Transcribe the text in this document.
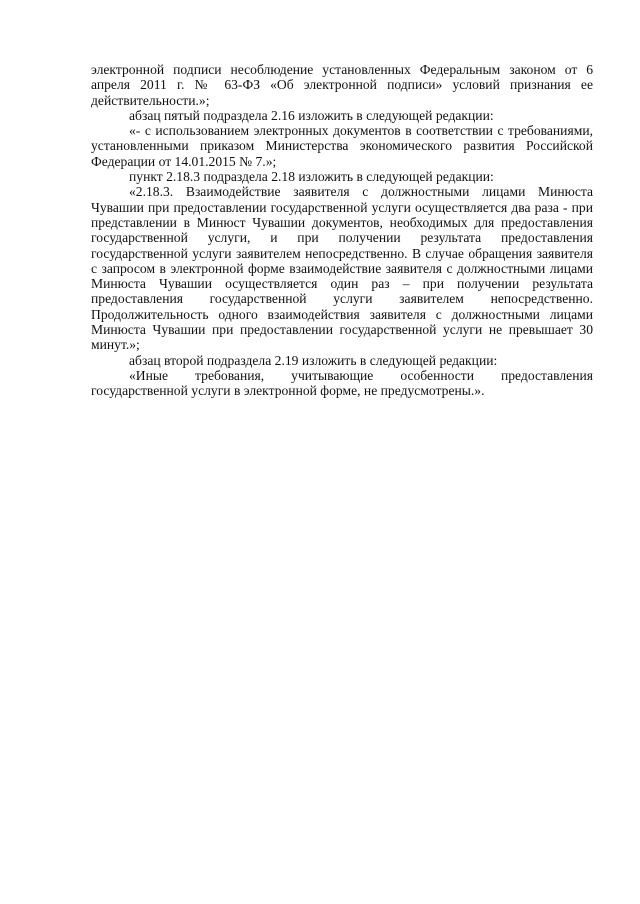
электронной подписи несоблюдение установленных Федеральным законом от 6 апреля 2011 г. № 63-ФЗ «Об электронной подписи» условий признания ее действительности.»;

абзац пятый подраздела 2.16 изложить в следующей редакции:

«- с использованием электронных документов в соответствии с требованиями, установленными приказом Министерства экономического развития Российской Федерации от 14.01.2015 № 7.»;

пункт 2.18.3 подраздела 2.18 изложить в следующей редакции:

«2.18.3. Взаимодействие заявителя с должностными лицами Минюста Чувашии при предоставлении государственной услуги осуществляется два раза - при представлении в Минюст Чувашии документов, необходимых для предоставления государственной услуги, и при получении результата предоставления государственной услуги заявителем непосредственно. В случае обращения заявителя с запросом в электронной форме взаимодействие заявителя с должностными лицами Минюста Чувашии осуществляется один раз – при получении результата предоставления государственной услуги заявителем непосредственно. Продолжительность одного взаимодействия заявителя с должностными лицами Минюста Чувашии при предоставлении государственной услуги не превышает 30 минут.»;

абзац второй подраздела 2.19 изложить в следующей редакции:

«Иные требования, учитывающие особенности предоставления государственной услуги в электронной форме, не предусмотрены.».
